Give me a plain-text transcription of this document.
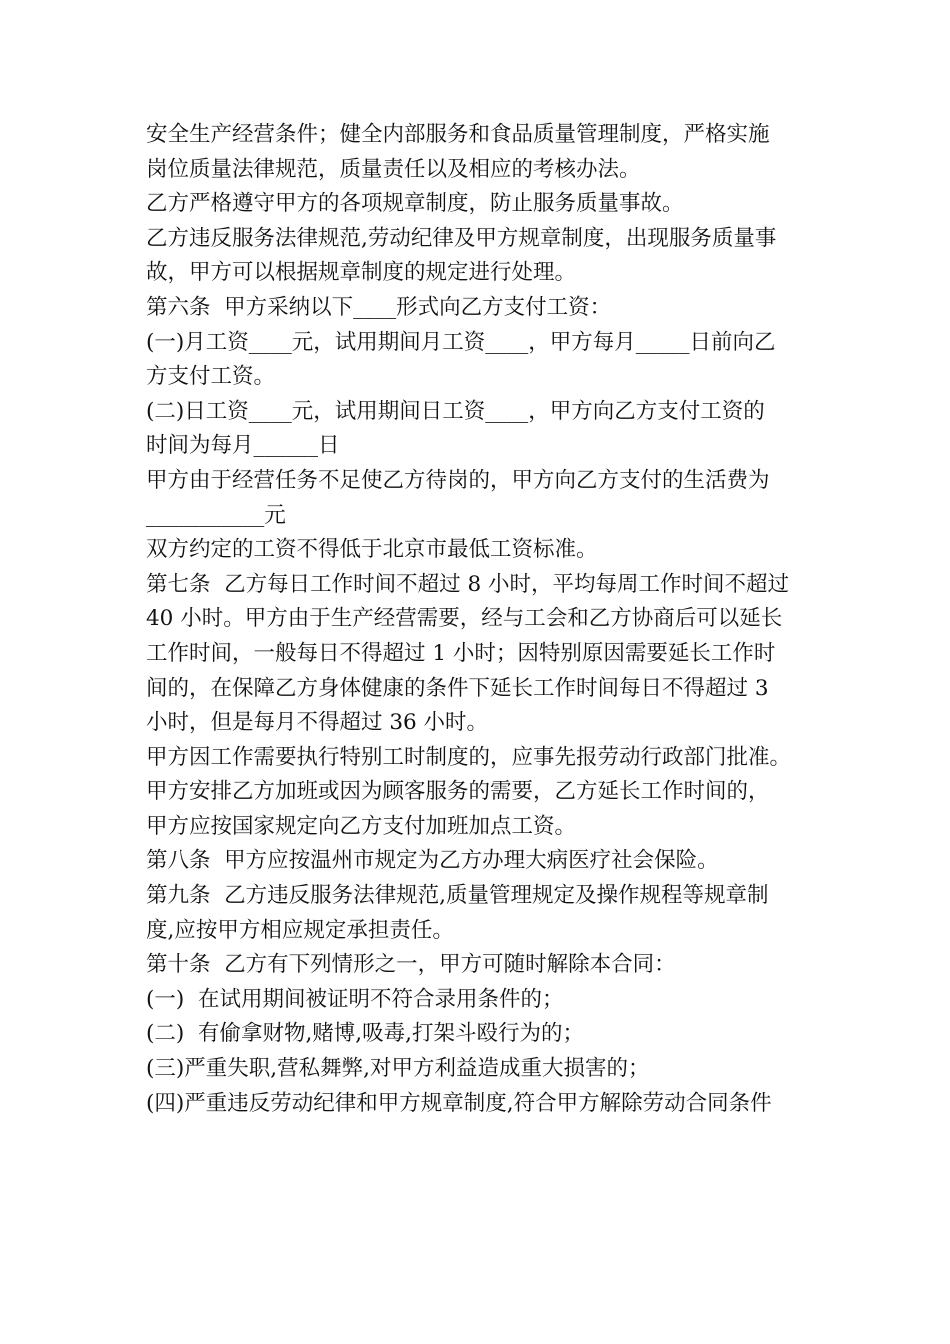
安全生产经营条件；健全内部服务和食品质量管理制度，严格实施
岗位质量法律规范，质量责任以及相应的考核办法。
乙方严格遵守甲方的各项规章制度，防止服务质量事故。
乙方违反服务法律规范,劳动纪律及甲方规章制度，出现服务质量事
故，甲方可以根据规章制度的规定进行处理。
第六条  甲方采纳以下____形式向乙方支付工资：
(一)月工资____元，试用期间月工资____，甲方每月_____日前向乙
方支付工资。
(二)日工资____元，试用期间日工资____，甲方向乙方支付工资的
时间为每月______日
甲方由于经营任务不足使乙方待岗的，甲方向乙方支付的生活费为
___________元
双方约定的工资不得低于北京市最低工资标准。
第七条  乙方每日工作时间不超过 8 小时，平均每周工作时间不超过
40 小时。甲方由于生产经营需要，经与工会和乙方协商后可以延长
工作时间，一般每日不得超过 1 小时；因特别原因需要延长工作时
间的，在保障乙方身体健康的条件下延长工作时间每日不得超过 3
小时，但是每月不得超过 36 小时。
甲方因工作需要执行特别工时制度的，应事先报劳动行政部门批准。
甲方安排乙方加班或因为顾客服务的需要，乙方延长工作时间的，
甲方应按国家规定向乙方支付加班加点工资。
第八条  甲方应按温州市规定为乙方办理大病医疗社会保险。
第九条  乙方违反服务法律规范,质量管理规定及操作规程等规章制
度,应按甲方相应规定承担责任。
第十条  乙方有下列情形之一，甲方可随时解除本合同：
(一)  在试用期间被证明不符合录用条件的；
(二)  有偷拿财物,赌博,吸毒,打架斗殴行为的；
(三)严重失职,营私舞弊,对甲方利益造成重大损害的；
(四)严重违反劳动纪律和甲方规章制度,符合甲方解除劳动合同条件
